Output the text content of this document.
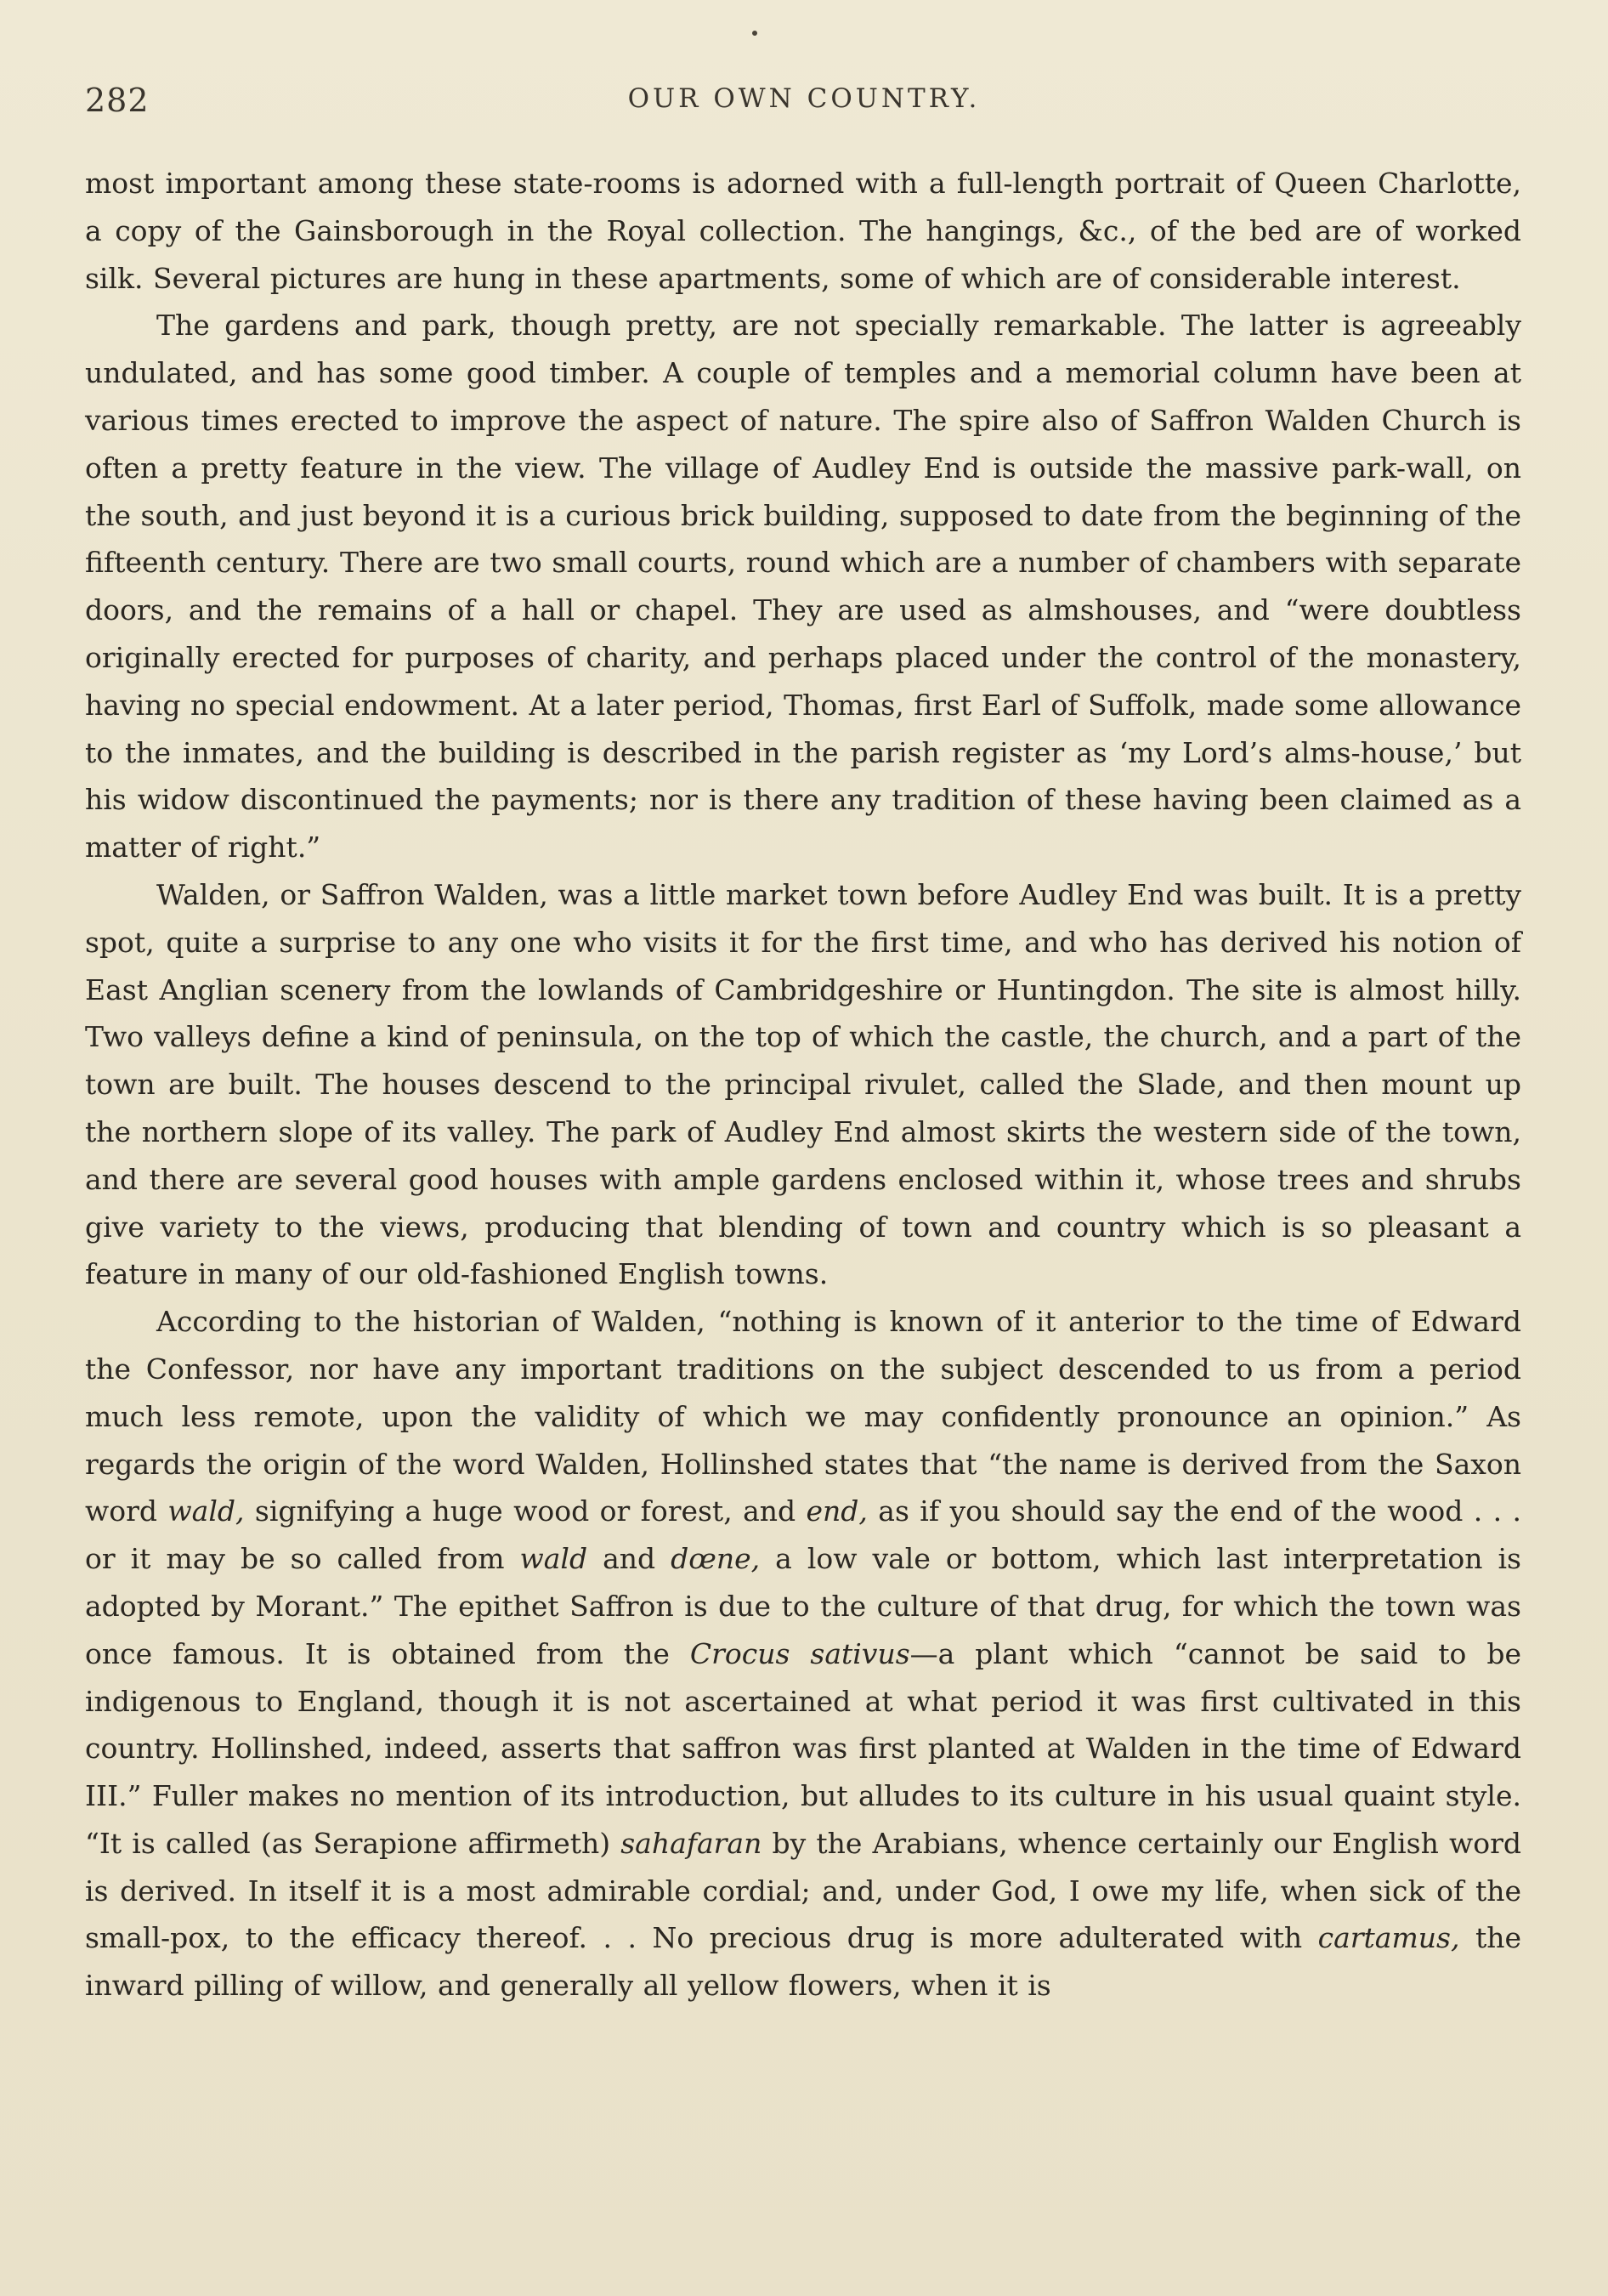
282	OUR OWN COUNTRY.

most important among these state-rooms is adorned with a full-length portrait of Queen Charlotte, a copy of the Gainsborough in the Royal collection. The hangings, &c., of the bed are of worked silk. Several pictures are hung in these apartments, some of which are of considerable interest.

The gardens and park, though pretty, are not specially remarkable. The latter is agreeably undulated, and has some good timber. A couple of temples and a memorial column have been at various times erected to improve the aspect of nature. The spire also of Saffron Walden Church is often a pretty feature in the view. The village of Audley End is outside the massive park-wall, on the south, and just beyond it is a curious brick building, supposed to date from the beginning of the fifteenth century. There are two small courts, round which are a number of chambers with separate doors, and the remains of a hall or chapel. They are used as almshouses, and “were doubtless originally erected for purposes of charity, and perhaps placed under the control of the monastery, having no special endowment. At a later period, Thomas, first Earl of Suffolk, made some allowance to the inmates, and the building is described in the parish register as ‘my Lord’s alms-house,’ but his widow discontinued the payments; nor is there any tradition of these having been claimed as a matter of right.”

Walden, or Saffron Walden, was a little market town before Audley End was built. It is a pretty spot, quite a surprise to any one who visits it for the first time, and who has derived his notion of East Anglian scenery from the lowlands of Cambridgeshire or Huntingdon. The site is almost hilly. Two valleys define a kind of peninsula, on the top of which the castle, the church, and a part of the town are built. The houses descend to the principal rivulet, called the Slade, and then mount up the northern slope of its valley. The park of Audley End almost skirts the western side of the town, and there are several good houses with ample gardens enclosed within it, whose trees and shrubs give variety to the views, producing that blending of town and country which is so pleasant a feature in many of our old-fashioned English towns.

According to the historian of Walden, “nothing is known of it anterior to the time of Edward the Confessor, nor have any important traditions on the subject descended to us from a period much less remote, upon the validity of which we may confidently pronounce an opinion.” As regards the origin of the word Walden, Hollinshed states that “the name is derived from the Saxon word wald, signifying a huge wood or forest, and end, as if you should say the end of the wood . . . or it may be so called from wald and dœne, a low vale or bottom, which last interpretation is adopted by Morant.” The epithet Saffron is due to the culture of that drug, for which the town was once famous. It is obtained from the Crocus sativus—a plant which “cannot be said to be indigenous to England, though it is not ascertained at what period it was first cultivated in this country. Hollinshed, indeed, asserts that saffron was first planted at Walden in the time of Edward III.” Fuller makes no mention of its introduction, but alludes to its culture in his usual quaint style. “It is called (as Serapione affirmeth) sahafaran by the Arabians, whence certainly our English word is derived. In itself it is a most admirable cordial; and, under God, I owe my life, when sick of the small-pox, to the efficacy thereof. . . No precious drug is more adulterated with cartamus, the inward pilling of willow, and generally all yellow flowers, when it is
